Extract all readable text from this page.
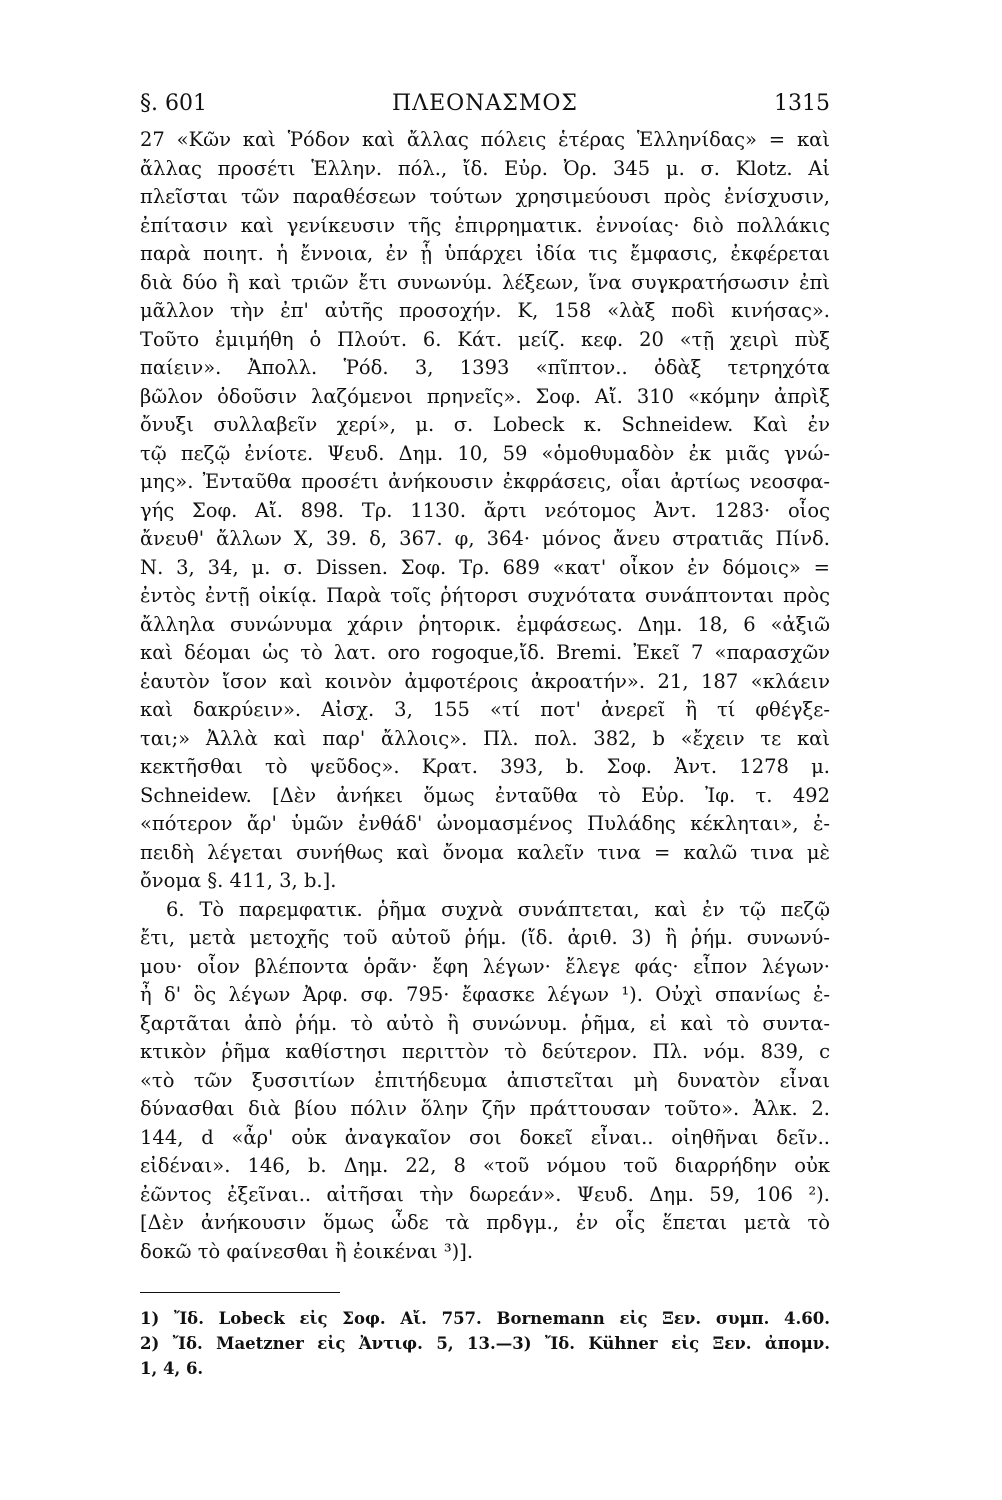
§. 601	ΠΛΕΟΝΑΣΜΟΣ	1315
27 «Κῶν καὶ Ῥόδον καὶ ἄλλας πόλεις ἑτέρας Ἑλληνίδας» = καὶ
ἄλλας προσέτι Ἑλλην. πόλ., ἴδ. Εὐρ. Ὀρ. 345 μ. σ. Klotz. Αἱ
πλεῖσται τῶν παραθέσεων τούτων χρησιμεύουσι πρὸς ἐνίσχυσιν,
ἐπίτασιν καὶ γενίκευσιν τῆς ἐπιρρηματικ. ἐννοίας· διὸ πολλάκις
παρὰ ποιητ. ἡ ἔννοια, ἐν ᾗ ὑπάρχει ἰδία τις ἔμφασις, ἐκφέρεται
διὰ δύο ἢ καὶ τριῶν ἔτι συνωνύμ. λέξεων, ἵνα συγκρατήσωσιν ἐπὶ
μᾶλλον τὴν ἐπ' αὐτῆς προσοχήν. Κ, 158 «λὰξ ποδὶ κινήσας».
Τοῦτο ἐμιμήθη ὁ Πλούτ. 6. Κάτ. μείζ. κεφ. 20 «τῇ χειρὶ πὺξ
παίειν». Ἀπολλ. Ῥόδ. 3, 1393 «πῖπτον.. ὀδὰξ τετρηχότα
βῶλον ὀδοῦσιν λαζόμενοι πρηνεῖς». Σοφ. Αἴ. 310 «κόμην ἀπρὶξ
ὄνυξι συλλαβεῖν χερί», μ. σ. Lobeck κ. Schneidew. Καὶ ἐν
τῷ πεζῷ ἐνίοτε. Ψευδ. Δημ. 10, 59 «ὁμοθυμαδὸν ἐκ μιᾶς γνώ-
μης». Ἐνταῦθα προσέτι ἀνήκουσιν ἐκφράσεις, οἷαι ἀρτίως νεοσφα-
γής Σοφ. Αἴ. 898. Τρ. 1130. ἄρτι νεότομος Ἀντ. 1283· οἷος
ἄνευθ' ἄλλων Χ, 39. δ, 367. φ, 364· μόνος ἄνευ στρατιᾶς Πίνδ.
Ν. 3, 34, μ. σ. Dissen. Σοφ. Τρ. 689 «κατ' οἶκον ἐν δόμοις» =
ἐντὸς ἐντῇ οἰκίᾳ. Παρὰ τοῖς ῥήτορσι συχνότατα συνάπτονται πρὸς
ἄλληλα συνώνυμα χάριν ῥητορικ. ἐμφάσεως. Δημ. 18, 6 «ἀξιῶ
καὶ δέομαι ὡς τὸ λατ. oro rogoque,ἴδ. Bremi. Ἐκεῖ 7 «παρασχῶν
ἑαυτὸν ἴσον καὶ κοινὸν ἀμφοτέροις ἀκροατήν». 21, 187 «κλάειν
καὶ δακρύειν». Αἰσχ. 3, 155 «τί ποτ' ἀνερεῖ ἢ τί φθέγξε-
ται;» Ἀλλὰ καὶ παρ' ἄλλοις». Πλ. πολ. 382, b «ἔχειν τε καὶ
κεκτῆσθαι τὸ ψεῦδος». Κρατ. 393, b. Σοφ. Ἀντ. 1278 μ.
Schneidew. [Δὲν ἀνήκει ὅμως ἐνταῦθα τὸ Εὐρ. Ἰφ. τ. 492
«πότερον ἄρ' ὑμῶν ἐνθάδ' ὠνομασμένος Πυλάδης κέκληται», ἐ-
πειδὴ λέγεται συνήθως καὶ ὄνομα καλεῖν τινα = καλῶ τινα μὲ
ὄνομα §. 411, 3, b.].
6. Τὸ παρεμφατικ. ῥῆμα συχνὰ συνάπτεται, καὶ ἐν τῷ πεζῷ
ἔτι, μετὰ μετοχῆς τοῦ αὐτοῦ ῥήμ. (ἴδ. ἀριθ. 3) ἢ ῥήμ. συνωνύ-
μου· οἷον βλέποντα ὁρᾶν· ἔφη λέγων· ἔλεγε φάς· εἶπον λέγων·
ἦ δ' ὃς λέγων Ἀρφ. σφ. 795· ἔφασκε λέγων ¹). Οὐχὶ σπανίως ἐ-
ξαρτᾶται ἀπὸ ῥήμ. τὸ αὐτὸ ἢ συνώνυμ. ῥῆμα, εἰ καὶ τὸ συντα-
κτικὸν ῥῆμα καθίστησι περιττὸν τὸ δεύτερον. Πλ. νόμ. 839, c
«τὸ τῶν ξυσσιτίων ἐπιτήδευμα ἀπιστεῖται μὴ δυνατὸν εἶναι
δύνασθαι διὰ βίου πόλιν ὅλην ζῆν πράττουσαν τοῦτο». Ἀλκ. 2.
144, d «ἆρ' οὐκ ἀναγκαῖον σοι δοκεῖ εἶναι.. οἰηθῆναι δεῖν..
εἰδέναι». 146, b. Δημ. 22, 8 «τοῦ νόμου τοῦ διαρρήδην οὐκ
ἐῶντος ἐξεῖναι.. αἰτῆσαι τὴν δωρεάν». Ψευδ. Δημ. 59, 106 ²).
[Δὲν ἀνήκουσιν ὅμως ὧδε τὰ πρδγμ., ἐν οἷς ἕπεται μετὰ τὸ
δοκῶ τὸ φαίνεσθαι ἢ ἐοικέναι ³)].
1) Ἴδ. Lobeck εἰς Σοφ. Αἴ. 757. Bornemann εἰς Ξεν. συμπ. 4.60.
2) Ἴδ. Maetzner εἰς Ἀντιφ. 5, 13.—3) Ἴδ. Kühner εἰς Ξεν. ἀπομν.
1, 4, 6.
